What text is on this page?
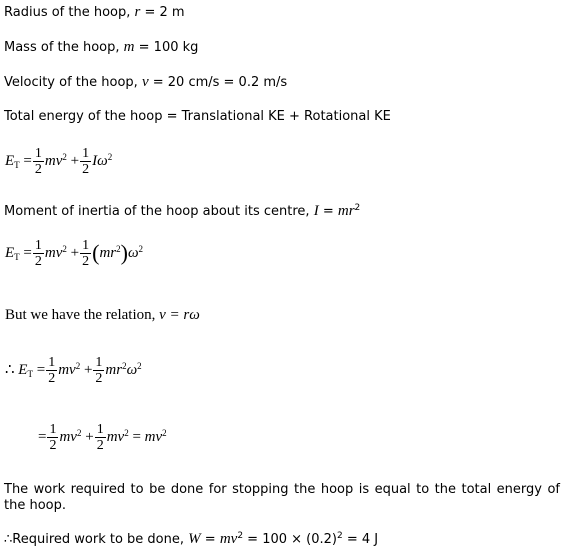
Radius of the hoop, r = 2 m
Mass of the hoop, m = 100 kg
Velocity of the hoop, v = 20 cm/s = 0.2 m/s
Total energy of the hoop = Translational KE + Rotational KE
$E_T = \frac{1}{2} mv^2 + \frac{1}{2} I\omega^2$
Moment of inertia of the hoop about its centre, $I = mr^2$
$E_T = \frac{1}{2} mv^2 + \frac{1}{2} (mr^2)\omega^2$
But we have the relation, v = rω
∴ $E_T = \frac{1}{2} mv^2 + \frac{1}{2} mr^2\omega^2$
= $\frac{1}{2} mv^2 + \frac{1}{2} mv^2 = mv^2$
The work required to be done for stopping the hoop is equal to the total energy of the hoop.
∴Required work to be done, $W = mv^2 = 100 \times (0.2)^2 = 4$ J
